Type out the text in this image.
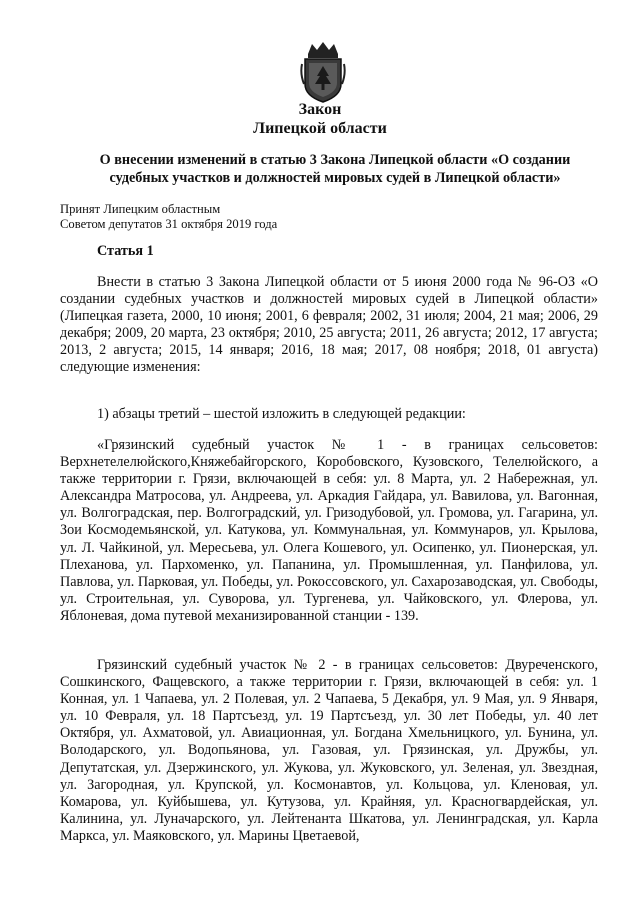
Закон
Липецкой области
О внесении изменений в статью 3 Закона Липецкой области «О создании судебных участков и должностей мировых судей в Липецкой области»
Принят Липецким областным
Советом депутатов 31 октября 2019 года
Статья 1

Внести в статью 3 Закона Липецкой области от 5 июня 2000 года № 96-ОЗ «О создании судебных участков и должностей мировых судей в Липецкой области» (Липецкая газета, 2000, 10 июня; 2001, 6 февраля; 2002, 31 июля; 2004, 21 мая; 2006, 29 декабря; 2009, 20 марта, 23 октября; 2010, 25 августа; 2011, 26 августа; 2012, 17 августа; 2013, 2 августа; 2015, 14 января; 2016, 18 мая; 2017, 08 ноября; 2018, 01 августа) следующие изменения:

1) абзацы третий – шестой изложить в следующей редакции:

«Грязинский судебный участок № 1 - в границах сельсоветов: Верхнетелелюйского,Княжебайгорского, Коробовского, Кузовского, Телелюйского, а также территории г. Грязи, включающей в себя: ул. 8 Марта, ул. 2 Набережная, ул. Александра Матросова, ул. Андреева, ул. Аркадия Гайдара, ул. Вавилова, ул. Вагонная, ул. Волгоградская, пер. Волгоградский, ул. Гризодубовой, ул. Громова, ул. Гагарина, ул. Зои Космодемьянской, ул. Катукова, ул. Коммунальная, ул. Коммунаров, ул. Крылова, ул. Л. Чайкиной, ул. Мересьева, ул. Олега Кошевого, ул. Осипенко, ул. Пионерская, ул. Плеханова, ул. Пархоменко, ул. Папанина, ул. Промышленная, ул. Панфилова, ул. Павлова, ул. Парковая, ул. Победы, ул. Рокоссовского, ул. Сахарозаводская, ул. Свободы, ул. Строительная, ул. Суворова, ул. Тургенева, ул. Чайковского, ул. Флерова, ул. Яблоневая, дома путевой механизированной станции - 139.

Грязинский судебный участок № 2 - в границах сельсоветов: Двуреченского, Сошкинского, Фащевского, а также территории г. Грязи, включающей в себя: ул. 1 Конная, ул. 1 Чапаева, ул. 2 Полевая, ул. 2 Чапаева, 5 Декабря, ул. 9 Мая, ул. 9 Января, ул. 10 Февраля, ул. 18 Партсъезд, ул. 19 Партсъезд, ул. 30 лет Победы, ул. 40 лет Октября, ул. Ахматовой, ул. Авиационная, ул. Богдана Хмельницкого, ул. Бунина, ул. Володарского, ул. Водопьянова, ул. Газовая, ул. Грязинская, ул. Дружбы, ул. Депутатская, ул. Дзержинского, ул. Жукова, ул. Жуковского, ул. Зеленая, ул. Звездная, ул. Загородная, ул. Крупской, ул. Космонавтов, ул. Кольцова, ул. Кленовая, ул. Комарова, ул. Куйбышева, ул. Кутузова, ул. Крайняя, ул. Красногвардейская, ул. Калинина, ул. Луначарского, ул. Лейтенанта Шкатова, ул. Ленинградская, ул. Карла Маркса, ул. Маяковского, ул. Марины Цветаевой,
